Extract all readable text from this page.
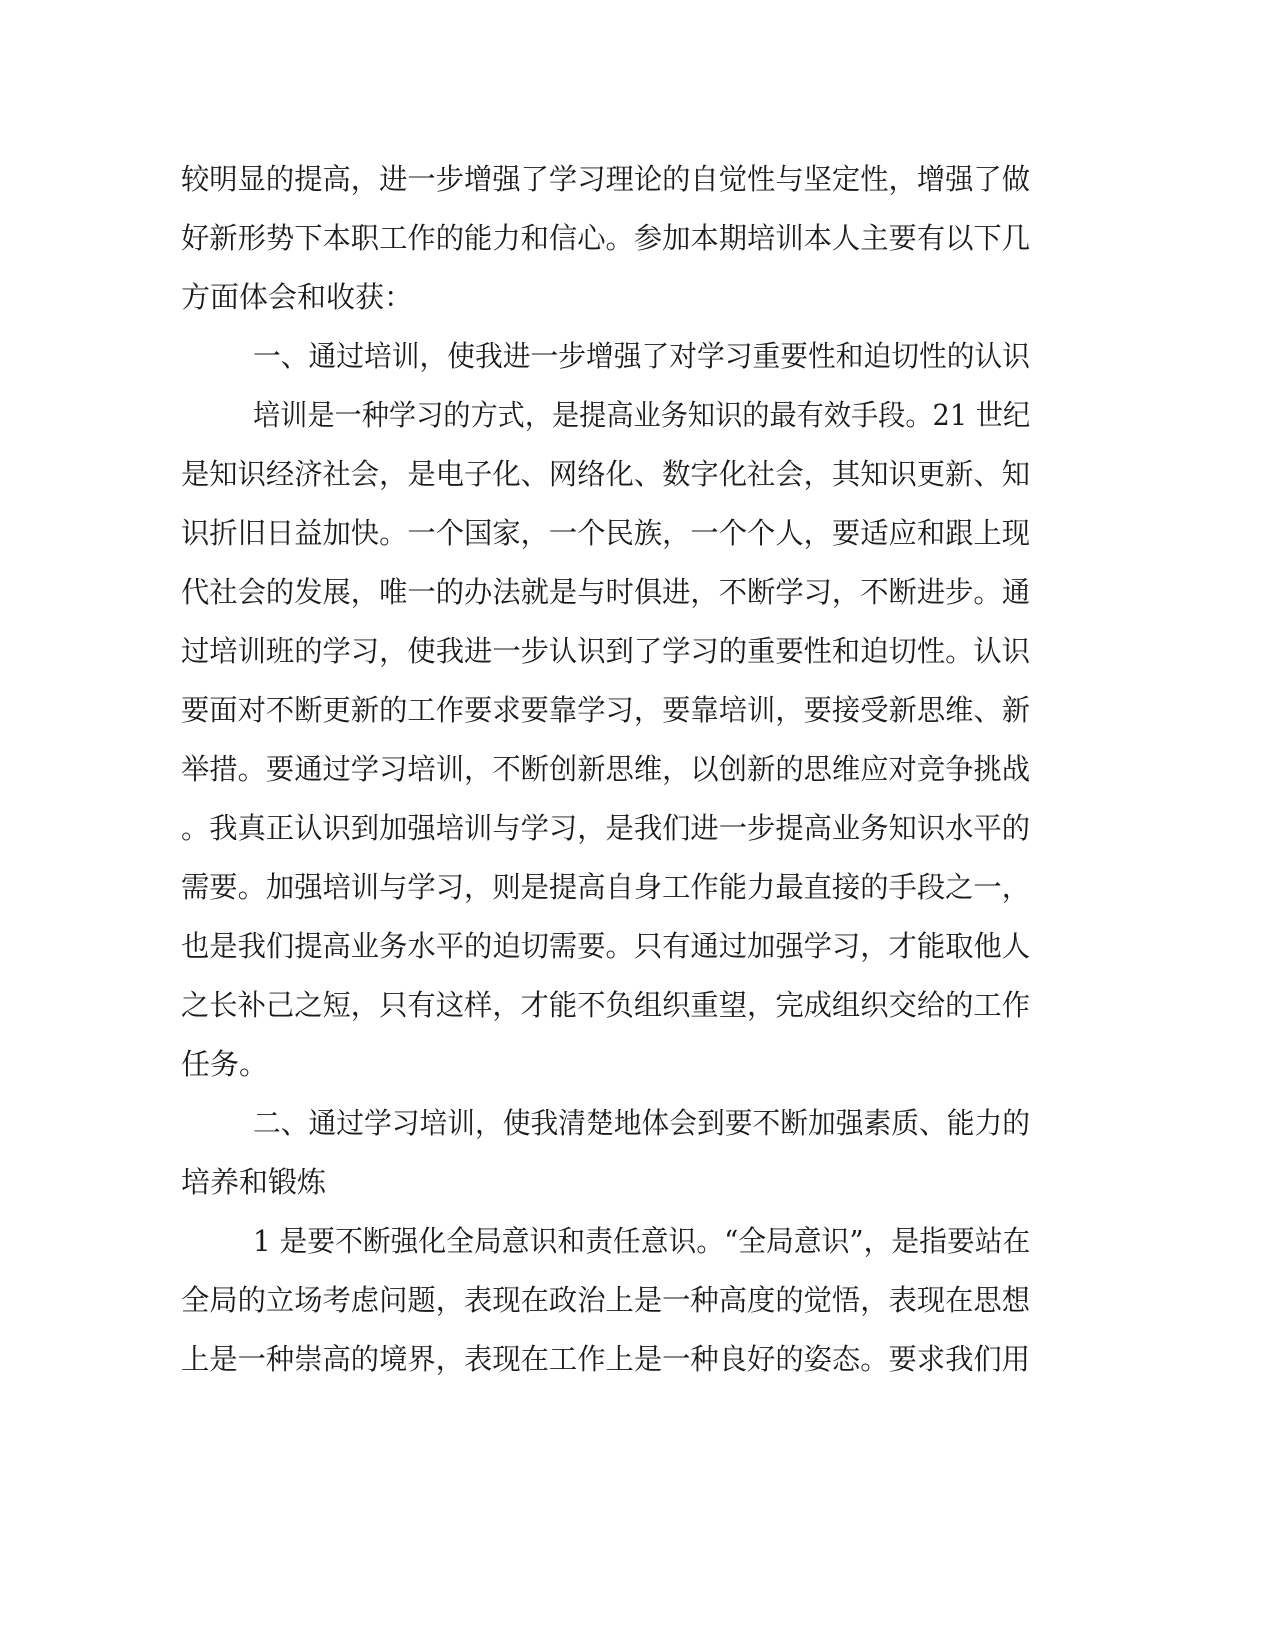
较明显的提高，进一步增强了学习理论的自觉性与坚定性，增强了做
好新形势下本职工作的能力和信心。参加本期培训本人主要有以下几
方面体会和收获：
一、通过培训，使我进一步增强了对学习重要性和迫切性的认识
培训是一种学习的方式，是提高业务知识的最有效手段。21 世纪
是知识经济社会，是电子化、网络化、数字化社会，其知识更新、知
识折旧日益加快。一个国家，一个民族，一个个人，要适应和跟上现
代社会的发展，唯一的办法就是与时俱进，不断学习，不断进步。通
过培训班的学习，使我进一步认识到了学习的重要性和迫切性。认识
要面对不断更新的工作要求要靠学习，要靠培训，要接受新思维、新
举措。要通过学习培训，不断创新思维，以创新的思维应对竞争挑战
。我真正认识到加强培训与学习，是我们进一步提高业务知识水平的
需要。加强培训与学习，则是提高自身工作能力最直接的手段之一，
也是我们提高业务水平的迫切需要。只有通过加强学习，才能取他人
之长补己之短，只有这样，才能不负组织重望，完成组织交给的工作
任务。
二、通过学习培训，使我清楚地体会到要不断加强素质、能力的
培养和锻炼
1 是要不断强化全局意识和责任意识。“全局意识”，是指要站在
全局的立场考虑问题，表现在政治上是一种高度的觉悟，表现在思想
上是一种崇高的境界，表现在工作上是一种良好的姿态。要求我们用
